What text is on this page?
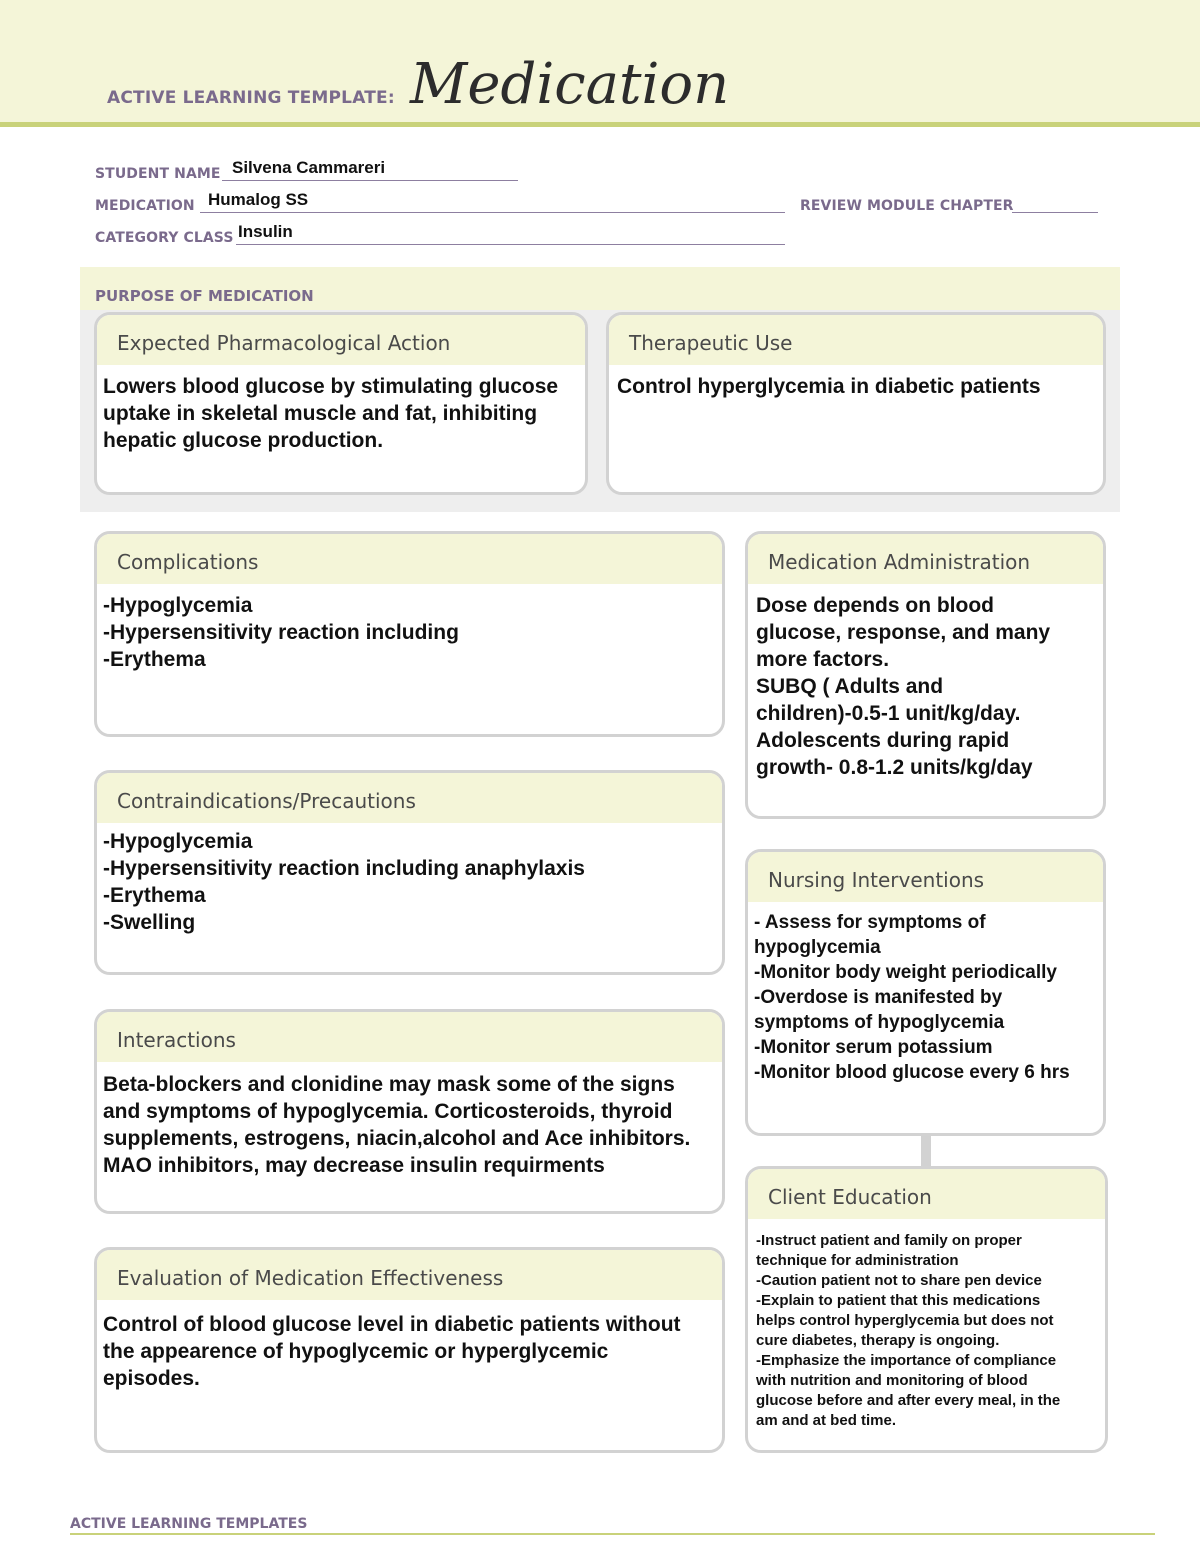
ACTIVE LEARNING TEMPLATE: Medication
STUDENT NAME Silvena Cammareri
MEDICATION Humalog SS	REVIEW MODULE CHAPTER
CATEGORY CLASS Insulin
PURPOSE OF MEDICATION
Expected Pharmacological Action
Lowers blood glucose by stimulating glucose
uptake in skeletal muscle and fat, inhibiting
hepatic glucose production.
Therapeutic Use
Control hyperglycemia in diabetic patients
Complications
-Hypoglycemia
-Hypersensitivity reaction including
-Erythema
Contraindications/Precautions
-Hypoglycemia
-Hypersensitivity reaction including anaphylaxis
-Erythema
-Swelling
Interactions
Beta-blockers and clonidine may mask some of the signs
and symptoms of hypoglycemia. Corticosteroids, thyroid
supplements, estrogens, niacin,alcohol and Ace inhibitors.
MAO inhibitors, may decrease insulin requirments
Evaluation of Medication Effectiveness
Control of blood glucose level in diabetic patients without
the appearence of hypoglycemic or hyperglycemic
episodes.
Medication Administration
Dose depends on blood
glucose, response, and many
more factors.
SUBQ ( Adults and
children)-0.5-1 unit/kg/day.
Adolescents during rapid
growth- 0.8-1.2 units/kg/day
Nursing Interventions
- Assess for symptoms of
hypoglycemia
-Monitor body weight periodically
-Overdose is manifested by
symptoms of hypoglycemia
-Monitor serum potassium
-Monitor blood glucose every 6 hrs
Client Education
-Instruct patient and family on proper
technique for administration
-Caution patient not to share pen device
-Explain to patient that this medications
helps control hyperglycemia but does not
cure diabetes, therapy is ongoing.
-Emphasize the importance of compliance
with nutrition and monitoring of blood
glucose before and after every meal, in the
am and at bed time.
ACTIVE LEARNING TEMPLATES
